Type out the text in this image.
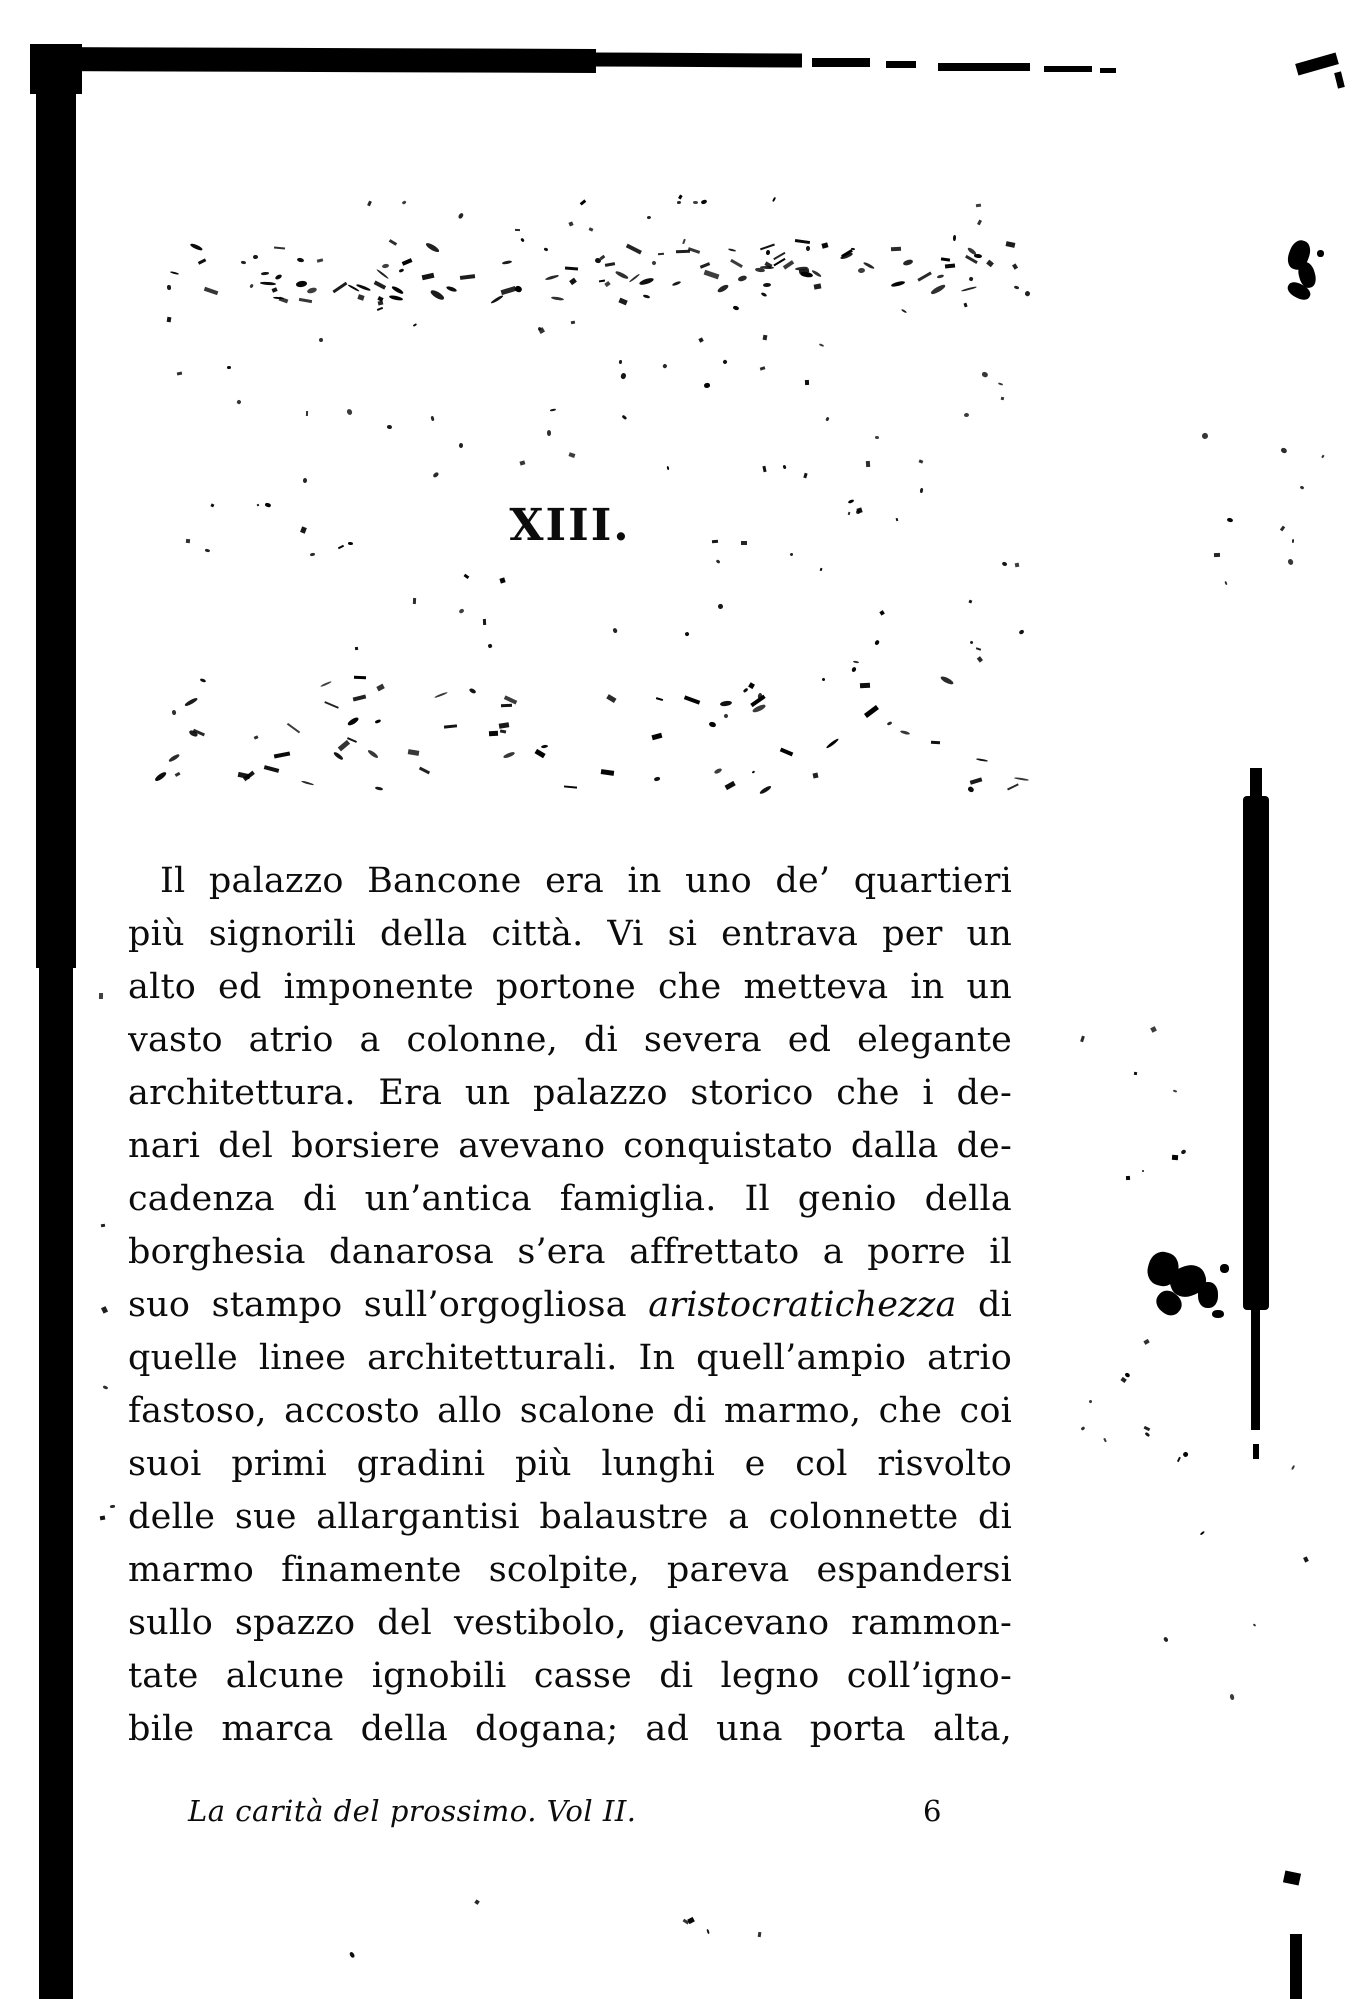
XIII.
Il palazzo Bancone era in uno de’ quartieri
più signorili della città. Vi si entrava per un
alto ed imponente portone che metteva in un
vasto atrio a colonne, di severa ed elegante
architettura. Era un palazzo storico che i de-
nari del borsiere avevano conquistato dalla de-
cadenza di un’antica famiglia. Il genio della
borghesia danarosa s’era affrettato a porre il
suo stampo sull’orgogliosa aristocratichezza di
quelle linee architetturali. In quell’ampio atrio
fastoso, accosto allo scalone di marmo, che coi
suoi primi gradini più lunghi e col risvolto
delle sue allargantisi balaustre a colonnette di
marmo finamente scolpite, pareva espandersi
sullo spazzo del vestibolo, giacevano rammon-
tate alcune ignobili casse di legno coll’igno-
bile marca della dogana; ad una porta alta,
La carità del prossimo. Vol II.	6
